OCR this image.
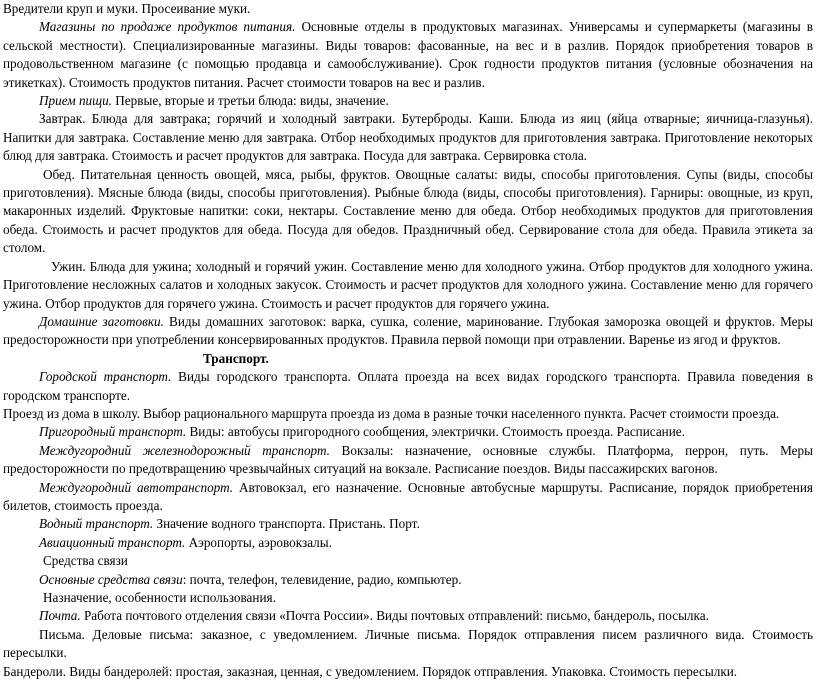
Вредители круп и муки. Просеивание муки.

Магазины по продаже продуктов питания. Основные отделы в продуктовых магазинах. Универсамы и супермаркеты (магазины в сельской местности). Специализированные магазины. Виды товаров: фасованные, на вес и в разлив. Порядок приобретения товаров в продовольственном магазине (с помощью продавца и самообслуживание). Срок годности продуктов питания (условные обозначения на этикетках). Стоимость продуктов питания. Расчет стоимости товаров на вес и разлив.

Прием пищи. Первые, вторые и третьи блюда: виды, значение.

Завтрак. Блюда для завтрака; горячий и холодный завтраки. Бутерброды. Каши. Блюда из яиц (яйца отварные; яичница-глазунья). Напитки для завтрака. Составление меню для завтрака. Отбор необходимых продуктов для приготовления завтрака. Приготовление некоторых блюд для завтрака. Стоимость и расчет продуктов для завтрака. Посуда для завтрака. Сервировка стола.

Обед. Питательная ценность овощей, мяса, рыбы, фруктов. Овощные салаты: виды, способы приготовления. Супы (виды, способы приготовления). Мясные блюда (виды, способы приготовления). Рыбные блюда (виды, способы приготовления). Гарниры: овощные, из круп, макаронных изделий. Фруктовые напитки: соки, нектары. Составление меню для обеда. Отбор необходимых продуктов для приготовления обеда. Стоимость и расчет продуктов для обеда. Посуда для обедов. Праздничный обед. Сервирование стола для обеда. Правила этикета за столом.

Ужин. Блюда для ужина; холодный и горячий ужин. Составление меню для холодного ужина. Отбор продуктов для холодного ужина. Приготовление несложных салатов и холодных закусок. Стоимость и расчет продуктов для холодного ужина. Составление меню для горячего ужина. Отбор продуктов для горячего ужина. Стоимость и расчет продуктов для горячего ужина.

Домашние заготовки. Виды домашних заготовок: варка, сушка, соление, маринование. Глубокая заморозка овощей и фруктов. Меры предосторожности при употреблении консервированных продуктов. Правила первой помощи при отравлении. Варенье из ягод и фруктов.

Транспорт.

Городской транспорт. Виды городского транспорта. Оплата проезда на всех видах городского транспорта. Правила поведения в городском транспорте.

Проезд из дома в школу. Выбор рационального маршрута проезда из дома в разные точки населенного пункта. Расчет стоимости проезда.

Пригородный транспорт. Виды: автобусы пригородного сообщения, электрички. Стоимость проезда. Расписание.

Междугородний железнодорожный транспорт. Вокзалы: назначение, основные службы. Платформа, перрон, путь. Меры предосторожности по предотвращению чрезвычайных ситуаций на вокзале. Расписание поездов. Виды пассажирских вагонов.

Междугородний автотранспорт. Автовокзал, его назначение. Основные автобусные маршруты. Расписание, порядок приобретения билетов, стоимость проезда.

Водный транспорт. Значение водного транспорта. Пристань. Порт.

Авиационный транспорт. Аэропорты, аэровокзалы.

Средства связи

Основные средства связи: почта, телефон, телевидение, радио, компьютер.

Назначение, особенности использования.

Почта. Работа почтового отделения связи «Почта России». Виды почтовых отправлений: письмо, бандероль, посылка.

Письма. Деловые письма: заказное, с уведомлением. Личные письма. Порядок отправления писем различного вида. Стоимость пересылки.

Бандероли. Виды бандеролей: простая, заказная, ценная, с уведомлением. Порядок отправления. Упаковка. Стоимость пересылки.
